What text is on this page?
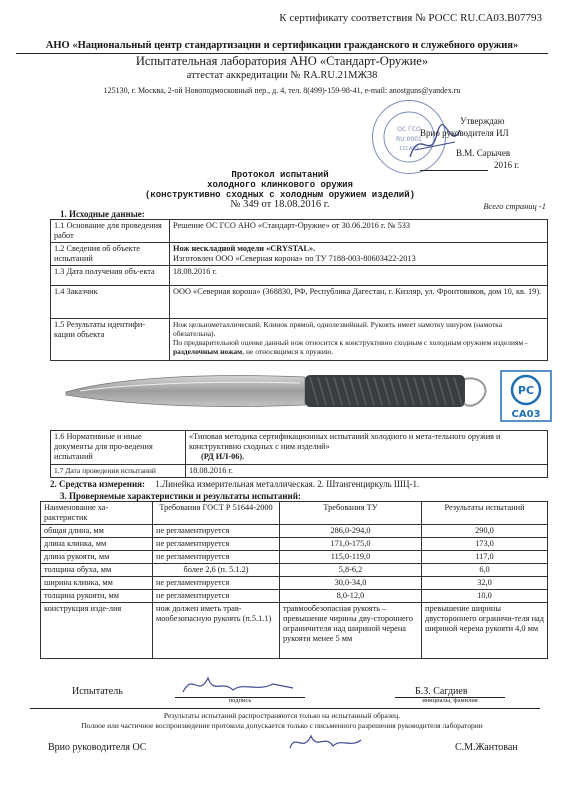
К сертификату соответствия № РОСС RU.CA03.B07793
АНО «Национальный центр стандартизации и сертификации гражданского и служебного оружия»
Испытательная лаборатория АНО «Стандарт-Оружие»
аттестат аккредитации № RA.RU.21МЖ38
125130, г. Москва, 2-ой Новоподмосковный пер., д. 4, тел. 8(499)-159-98-41, e-mail: anostguns@yandex.ru
ОС ГСО
RU.0001
11СА03
Утверждаю
Врио руководителя ИЛ
В.М. Сарычев
2016 г.
Протокол испытаний
холодного клинкового оружия
(конструктивно сходных с холодным оружием изделий)
№ 349 от 18.08.2016 г.	Всего страниц -1
1. Исходные данные:
1.1 Основание для проведения работ	Решение ОС ГСО АНО «Стандарт-Оружие» от 30.06.2016 г. № 533
1.2 Сведения об объекте испытаний	Нож нескладной модели «CRYSTAL».
Изготовлен ООО «Северная корона» по ТУ 7188-003-80603422-2013
1.3 Дата получения объ-екта	18.08.2016 г.
1.4 Заказчик	ООО «Северная корона» (368830, РФ, Республика Дагестан, г. Кизляр, ул. Фронтовиков, дом 10, кв. 19).
1.5 Результаты идентифи-кации объекта	Нож цельнометаллический. Клинок прямой, однолезвийный. Рукоять имеет намотку шнуром (намотка обязательна).
По предварительной оценке данный нож относится к конструктивно сходным с холодным оружием изделиям - разделочным ножам, не относящимся к оружию.
РС
СА03
1.6 Нормативные и иные документы для про-ведения испытаний	«Типовая методика сертификационных испытаний холодного и мета-тельного оружия и конструктивно сходных с ним изделий»
(РД ИЛ-06).
1.7 Дата проведения испытаний	18.08.2016 г.
2. Средства измерения: 1.Линейка измерительная металлическая. 2. Штангенциркуль ШЦ-1.
3. Проверяемые характеристики и результаты испытаний:
Наименование ха-рактеристик	Требования ГОСТ Р 51644-2000	Требования ТУ	Результаты испытаний
общая длина, мм	не регламентируется	286,0-294,0	290,0
длина клинка, мм	не регламентируется	171,0-175,0	173,0
длина рукояти, мм	не регламентируется	115,0-119,0	117,0
толщина обуха, мм	более 2,6 (п. 5.1.2)	5,8-6,2	6,0
ширина клинка, мм	не регламентируется	30,0-34,0	32,0
толщина рукояти, мм	не регламентируется	8,0-12,0	10,0
конструкция изде-лия	нож должен иметь трав-мообезопасную рукоять (п.5.1.1)	травмообезопасная рукоять – превышение чирины дву-стороннего ограничителя над шириной черена рукояти менее 5 мм	превышение ширины двустороннего ограничи-теля над шириной черена рукояти 4,0 мм
Испытатель
подпись
Б.З. Сагдиев
инициалы, фамилия
Результаты испытаний распространяются только на испытанный образец.
Полное или частичное воспроизведение протокола допускается только с письменного разрешения руководителя лаборатории
Врио руководителя ОС	С.М.Жантован
